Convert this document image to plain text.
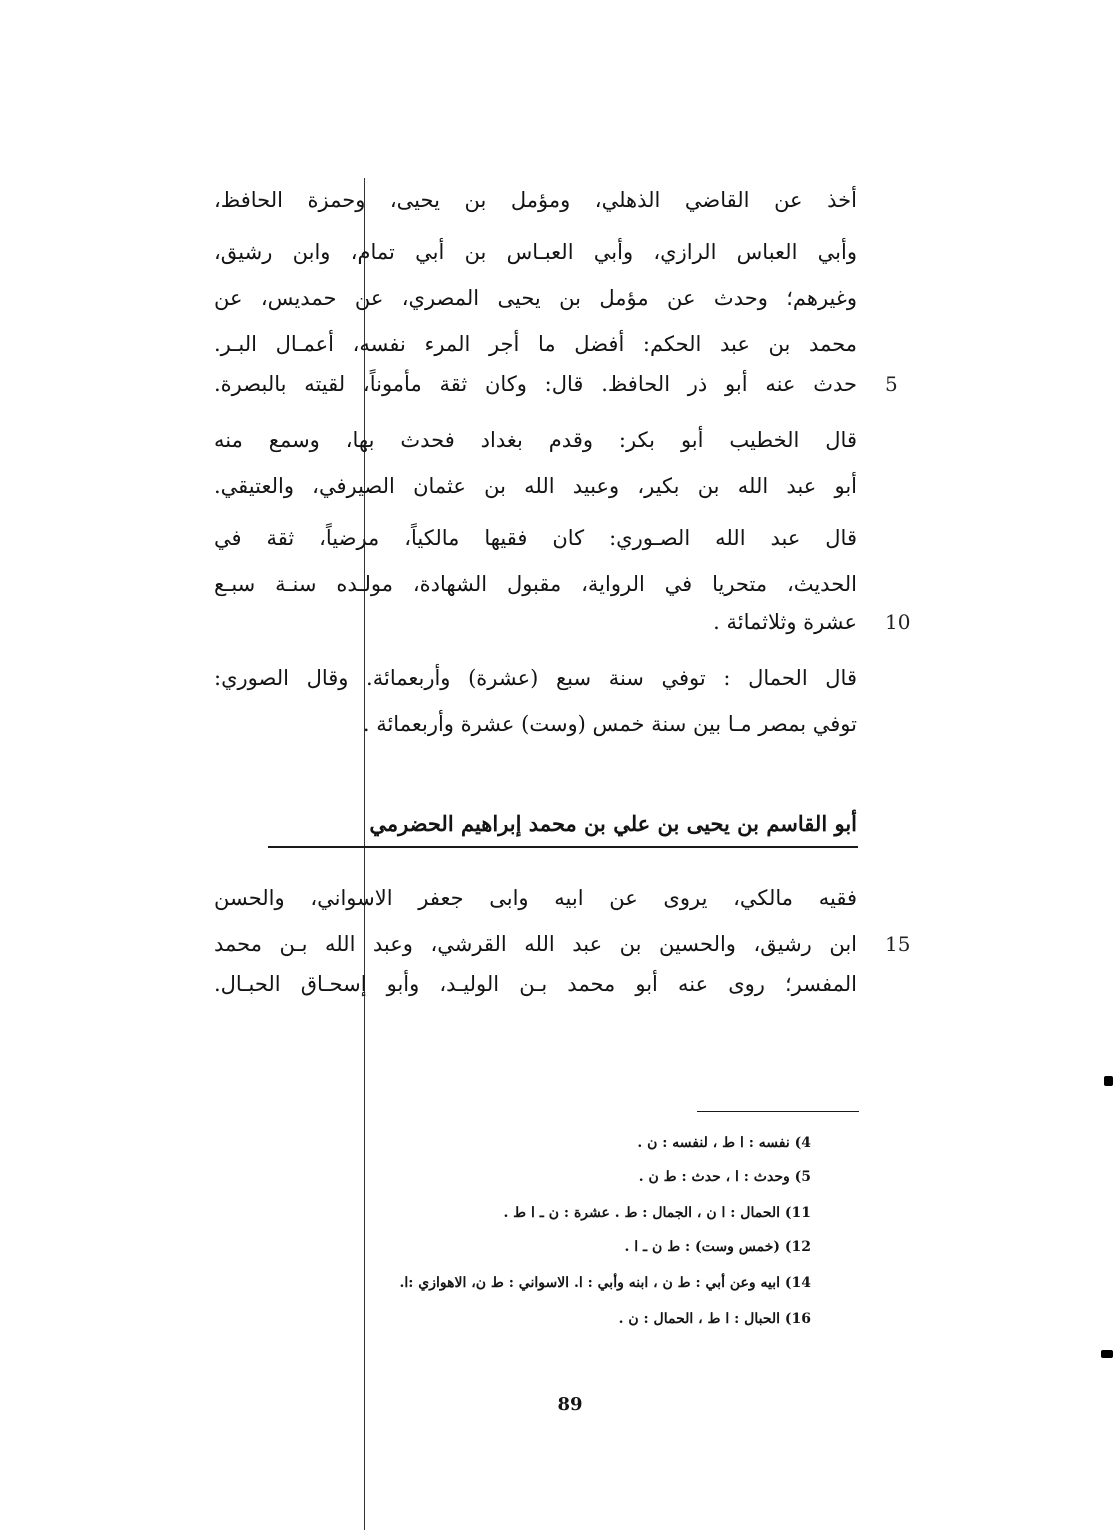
أخذ عن القاضي الذهلي، ومؤمل بن يحيى، وحمزة الحافظ،
وأبي العباس الرازي، وأبي العبـاس بن أبي تمام، وابن رشيق،
وغيرهم؛ وحدث عن مؤمل بن يحيى المصري، عن حمديس، عن
محمد بن عبد الحكم: أفضل ما أجر المرء نفسه، أعمـال البـر.
حدث عنه أبو ذر الحافظ. قال: وكان ثقة مأموناً، لقيته بالبصرة. 5
قال الخطيب أبو بكر: وقدم بغداد فحدث بها، وسمع منه
أبو عبد الله بن بكير، وعبيد الله بن عثمان الصيرفي، والعتيقي.
قال عبد الله الصـوري: كان فقيها مالكياً، مرضياً، ثقة في
الحديث، متحريا في الرواية، مقبول الشهادة، مولـده سنـة سبـع
عشرة وثلاثمائة . 10
قال الحمال : توفي سنة سبع (عشرة) وأربعمائة. وقال الصوري:
توفي بمصر مـا بين سنة خمس (وست) عشرة وأربعمائة .
أبو القاسم بن يحيى بن علي بن محمد إبراهيم الحضرمي
فقيه مالكي، يروى عن ابيه وابى جعفر الاسواني، والحسن
ابن رشيق، والحسين بن عبد الله القرشي، وعبد الله بـن محمد 15
المفسر؛ روى عنه أبو محمد بـن الوليـد، وأبو إسحـاق الحبـال.
4) نفسه : ا ط ، لنفسه : ن .
5) وحدث : ا ، حدث : ط ن .
11) الحمال : ا ن ، الجمال : ط . عشرة : ن ـ ا ط .
12) (خمس وست) : ط ن ـ ا .
14) ابيه وعن أبي : ط ن ، ابنه وأبي : ا. الاسواني : ط ن، الاهوازي :ا.
16) الحبال : ا ط ، الحمال : ن .
89
